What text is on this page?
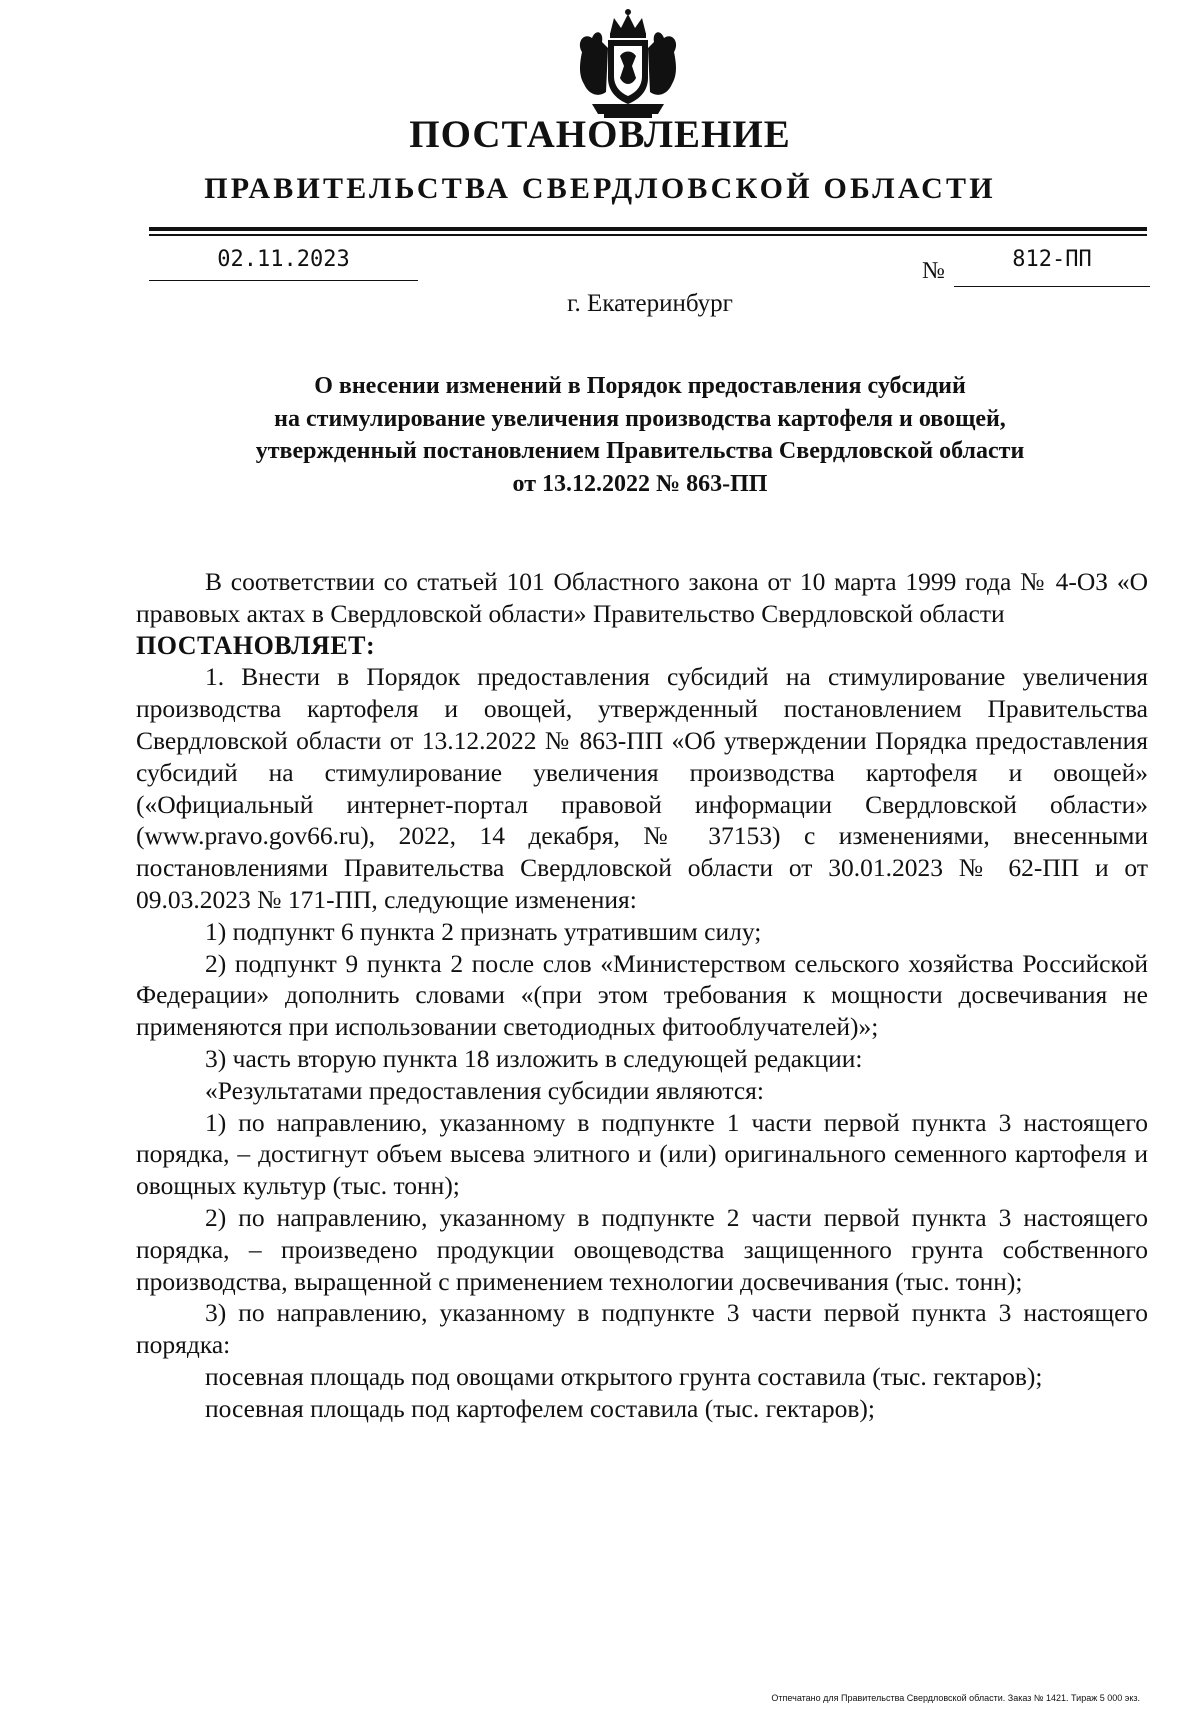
ПОСТАНОВЛЕНИЕ
ПРАВИТЕЛЬСТВА СВЕРДЛОВСКОЙ ОБЛАСТИ
02.11.2023	№	812-ПП
г. Екатеринбург
О внесении изменений в Порядок предоставления субсидий
на стимулирование увеличения производства картофеля и овощей,
утвержденный постановлением Правительства Свердловской области
от 13.12.2022 № 863-ПП

В соответствии со статьей 101 Областного закона от 10 марта 1999 года № 4-ОЗ «О правовых актах в Свердловской области» Правительство Свердловской области

ПОСТАНОВЛЯЕТ:

1. Внести в Порядок предоставления субсидий на стимулирование увеличения производства картофеля и овощей, утвержденный постановлением Правительства Свердловской области от 13.12.2022 № 863-ПП «Об утверждении Порядка предоставления субсидий на стимулирование увеличения производства картофеля и овощей» («Официальный интернет-портал правовой информации Свердловской области» (www.pravo.gov66.ru), 2022, 14 декабря, № 37153) с изменениями, внесенными постановлениями Правительства Свердловской области от 30.01.2023 № 62-ПП и от 09.03.2023 № 171-ПП, следующие изменения:

1) подпункт 6 пункта 2 признать утратившим силу;

2) подпункт 9 пункта 2 после слов «Министерством сельского хозяйства Российской Федерации» дополнить словами «(при этом требования к мощности досвечивания не применяются при использовании светодиодных фитооблучателей)»;

3) часть вторую пункта 18 изложить в следующей редакции:

«Результатами предоставления субсидии являются:

1) по направлению, указанному в подпункте 1 части первой пункта 3 настоящего порядка, – достигнут объем высева элитного и (или) оригинального семенного картофеля и овощных культур (тыс. тонн);

2) по направлению, указанному в подпункте 2 части первой пункта 3 настоящего порядка, – произведено продукции овощеводства защищенного грунта собственного производства, выращенной с применением технологии досвечивания (тыс. тонн);

3) по направлению, указанному в подпункте 3 части первой пункта 3 настоящего порядка:

посевная площадь под овощами открытого грунта составила (тыс. гектаров);

посевная площадь под картофелем составила (тыс. гектаров);

Отпечатано для Правительства Свердловской области. Заказ № 1421. Тираж 5 000 экз.
